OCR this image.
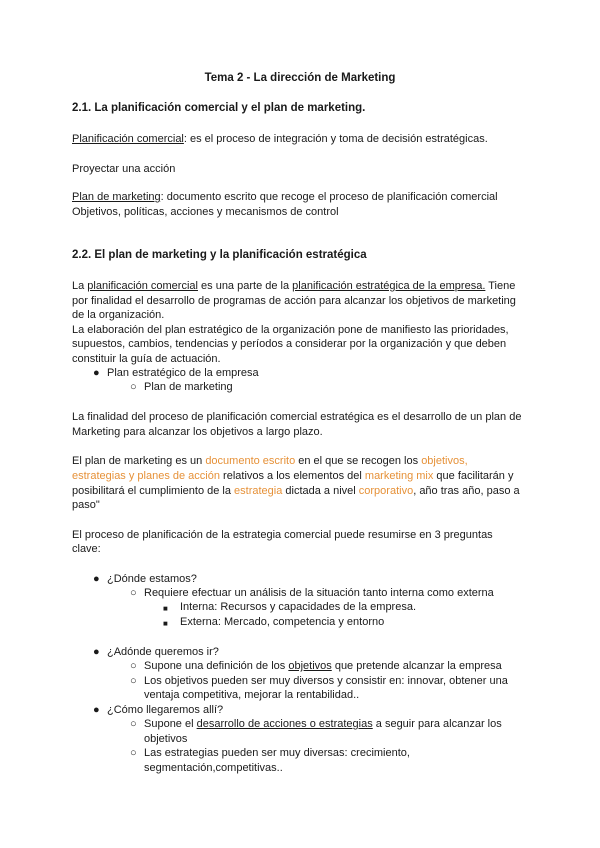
Tema 2 - La dirección de Marketing
2.1. La planificación comercial y el plan de marketing.
Planificación comercial: es el proceso de integración y toma de decisión estratégicas.
Proyectar una acción
Plan de marketing: documento escrito que recoge el proceso de planificación comercial
Objetivos, políticas, acciones y mecanismos de control
2.2. El plan de marketing y la planificación estratégica
La planificación comercial es una parte de la planificación estratégica de la empresa. Tiene
por finalidad el desarrollo de programas de acción para alcanzar los objetivos de marketing
de la organización.
La elaboración del plan estratégico de la organización pone de manifiesto las prioridades,
supuestos, cambios, tendencias y períodos a considerar por la organización y que deben
constituir la guía de actuación.
● Plan estratégico de la empresa
○ Plan de marketing
La finalidad del proceso de planificación comercial estratégica es el desarrollo de un plan de
Marketing para alcanzar los objetivos a largo plazo.
El plan de marketing es un documento escrito en el que se recogen los objetivos,
estrategias y planes de acción relativos a los elementos del marketing mix que facilitarán y
posibilitará el cumplimiento de la estrategia dictada a nivel corporativo, año tras año, paso a
paso"
El proceso de planificación de la estrategia comercial puede resumirse en 3 preguntas
clave:
● ¿Dónde estamos?
○ Requiere efectuar un análisis de la situación tanto interna como externa
■ Interna: Recursos y capacidades de la empresa.
■ Externa: Mercado, competencia y entorno
● ¿Adónde queremos ir?
○ Supone una definición de los objetivos que pretende alcanzar la empresa
○ Los objetivos pueden ser muy diversos y consistir en: innovar, obtener una
ventaja competitiva, mejorar la rentabilidad..
● ¿Cómo llegaremos allí?
○ Supone el desarrollo de acciones o estrategias a seguir para alcanzar los
objetivos
○ Las estrategias pueden ser muy diversas: crecimiento,
segmentación,competitivas..
